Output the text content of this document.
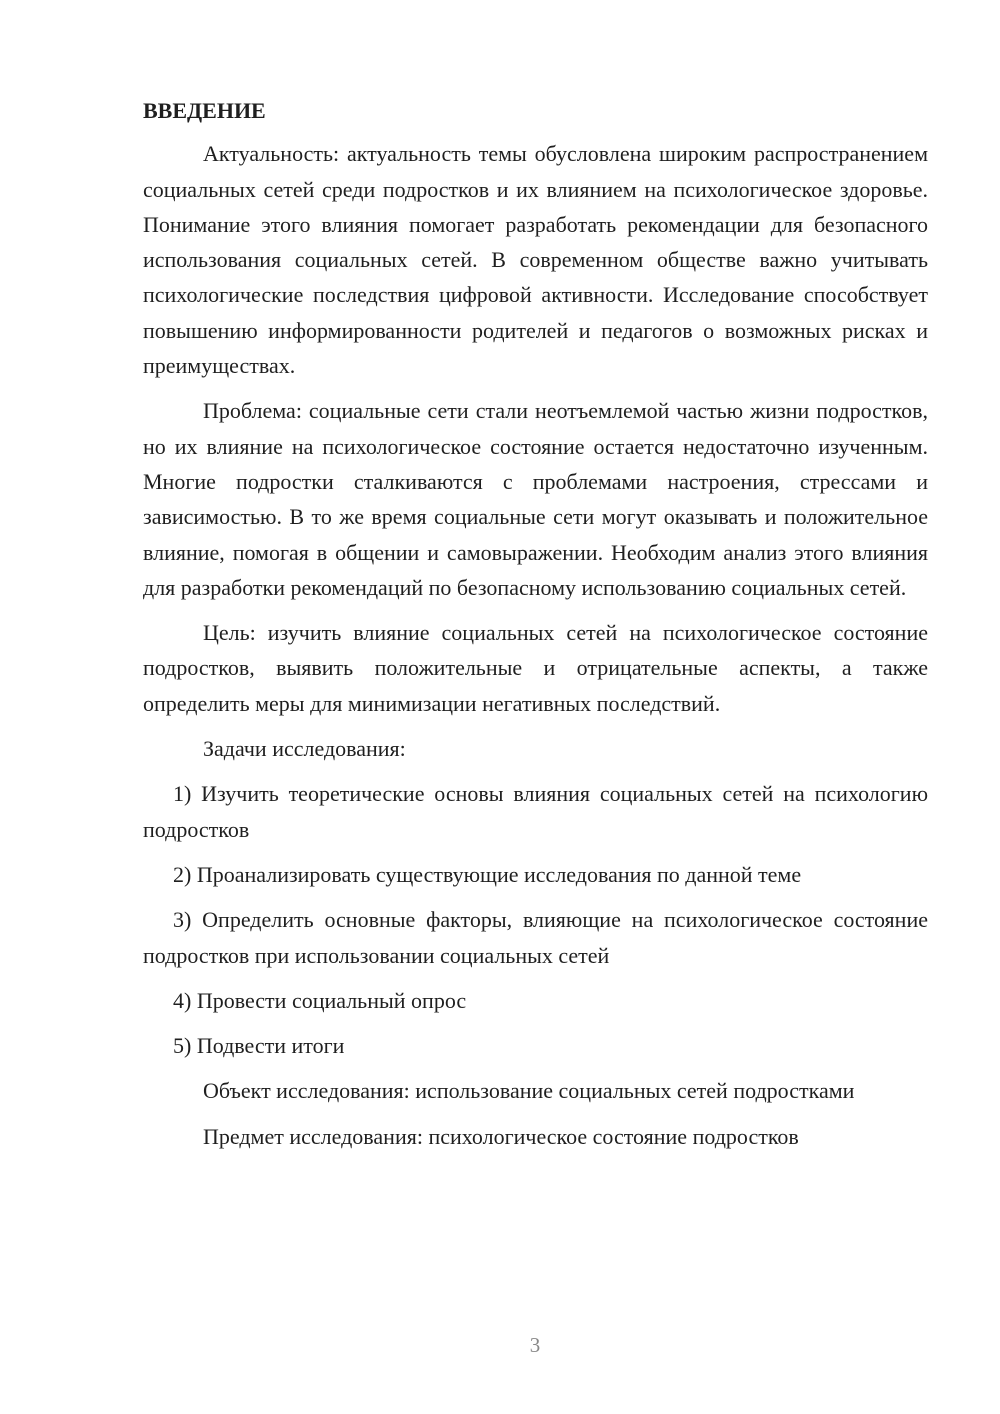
ВВЕДЕНИЕ

Актуальность: актуальность темы обусловлена широким распространением социальных сетей среди подростков и их влиянием на психологическое здоровье. Понимание этого влияния помогает разработать рекомендации для безопасного использования социальных сетей. В современном обществе важно учитывать психологические последствия цифровой активности. Исследование способствует повышению информированности родителей и педагогов о возможных рисках и преимуществах.

Проблема: социальные сети стали неотъемлемой частью жизни подростков, но их влияние на психологическое состояние остается недостаточно изученным. Многие подростки сталкиваются с проблемами настроения, стрессами и зависимостью. В то же время социальные сети могут оказывать и положительное влияние, помогая в общении и самовыражении. Необходим анализ этого влияния для разработки рекомендаций по безопасному использованию социальных сетей.

Цель: изучить влияние социальных сетей на психологическое состояние подростков, выявить положительные и отрицательные аспекты, а также определить меры для минимизации негативных последствий.

Задачи исследования:

1) Изучить теоретические основы влияния социальных сетей на психологию подростков

2) Проанализировать существующие исследования по данной теме

3) Определить основные факторы, влияющие на психологическое состояние подростков при использовании социальных сетей

4) Провести социальный опрос

5) Подвести итоги

Объект исследования: использование социальных сетей подростками

Предмет исследования: психологическое состояние подростков

3
